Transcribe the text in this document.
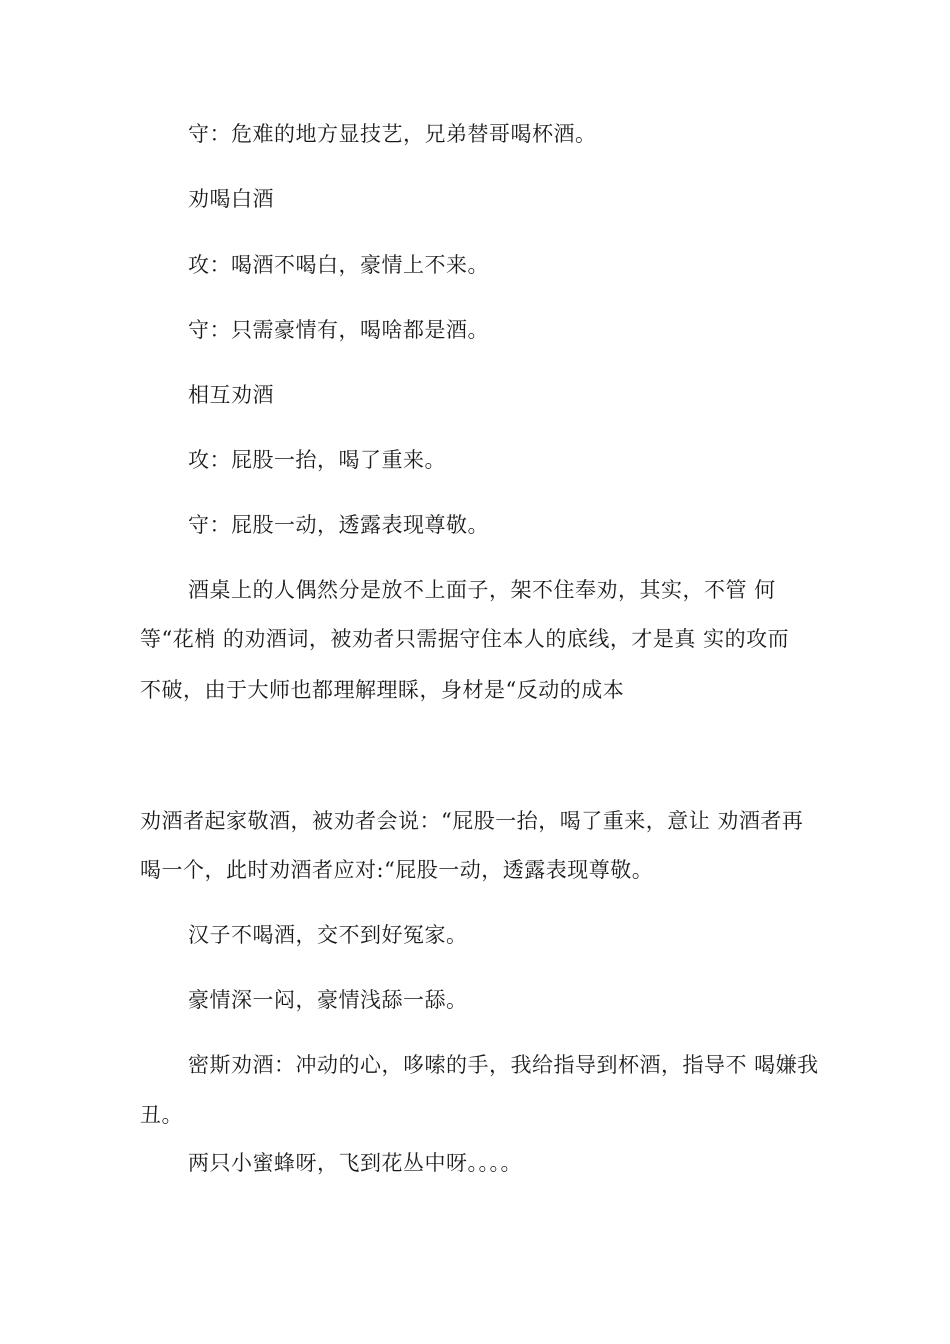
守：危难的地方显技艺，兄弟替哥喝杯酒。
劝喝白酒
攻：喝酒不喝白，豪情上不来。
守：只需豪情有，喝啥都是酒。
相互劝酒
攻：屁股一抬，喝了重来。
守：屁股一动，透露表现尊敬。
酒桌上的人偶然分是放不上面子，架不住奉劝，其实，不管 何
等“花梢 的劝酒词，被劝者只需据守住本人的底线，才是真 实的攻而
不破，由于大师也都理解理睬，身材是“反动的成本
劝酒者起家敬酒，被劝者会说：“屁股一抬，喝了重来，意让 劝酒者再
喝一个，此时劝酒者应对:“屁股一动，透露表现尊敬。
汉子不喝酒，交不到好冤家。
豪情深一闷，豪情浅舔一舔。
密斯劝酒：冲动的心，哆嗦的手，我给指导到杯酒，指导不 喝嫌我
丑。
两只小蜜蜂呀，飞到花丛中呀。。。。
